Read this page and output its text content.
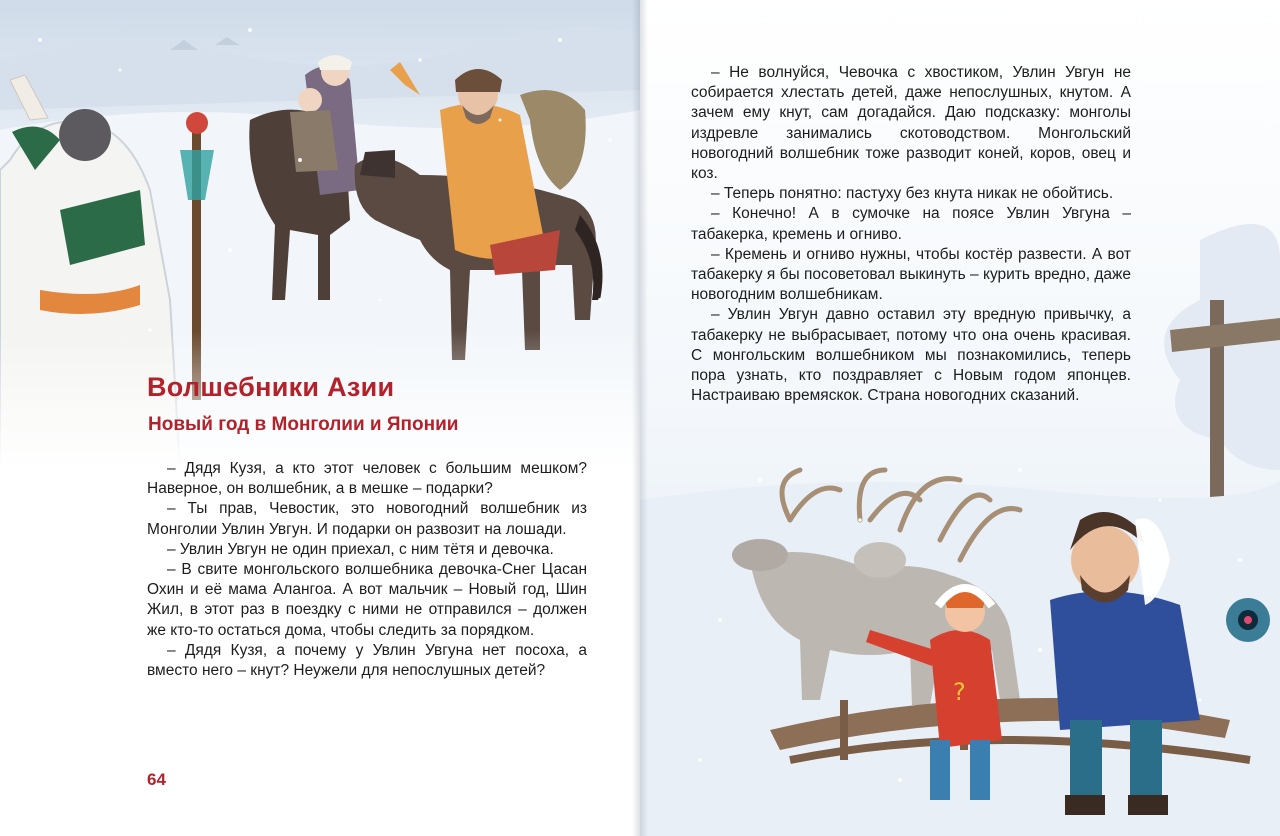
Волшебники Азии
Новый год в Монголии и Японии

– Дядя Кузя, а кто этот человек с большим мешком? Наверное, он волшебник, а в мешке – подарки?

– Ты прав, Чевостик, это новогодний волшебник из Монголии Увлин Увгун. И подарки он развозит на лошади.

– Увлин Увгун не один приехал, с ним тётя и девочка.

– В свите монгольского волшебника девочка-Снег Цасан Охин и её мама Алангоа. А вот мальчик – Новый год, Шин Жил, в этот раз в поездку с ними не отправился – должен же кто-то остаться дома, чтобы следить за порядком.

– Дядя Кузя, а почему у Увлин Увгуна нет посоха, а вместо него – кнут? Неужели для непослушных детей?

64
?

– Не волнуйся, Чевочка с хвостиком, Увлин Увгун не собирается хлестать детей, даже непослушных, кнутом. А зачем ему кнут, сам догадайся. Даю подсказку: монголы издревле занимались скотоводством. Монгольский новогодний волшебник тоже разводит коней, коров, овец и коз.

– Теперь понятно: пастуху без кнута никак не обойтись.

– Конечно! А в сумочке на поясе Увлин Увгуна – табакерка, кремень и огниво.

– Кремень и огниво нужны, чтобы костёр развести. А вот табакерку я бы посоветовал выкинуть – курить вредно, даже новогодним волшебникам.

– Увлин Увгун давно оставил эту вредную привычку, а табакерку не выбрасывает, потому что она очень красивая. С монгольским волшебником мы познакомились, теперь пора узнать, кто поздравляет с Новым годом японцев. Настраиваю времяскок. Страна новогодних сказаний.
